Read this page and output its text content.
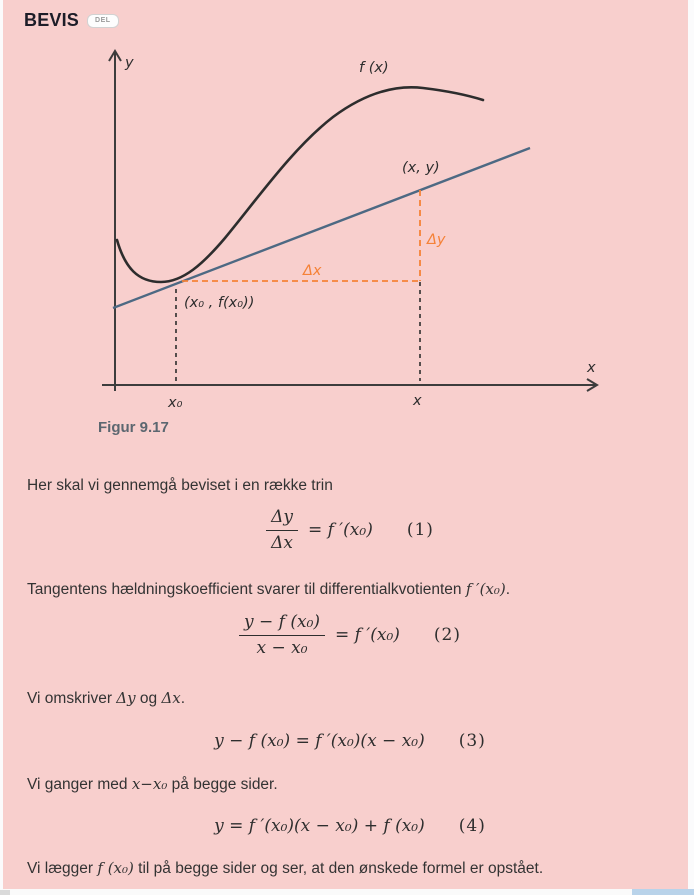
BEVIS	DEL
y
x
f (x)
(x, y)
(x₀ , f(x₀))
Δy
Δx
x₀	x
Figur 9.17
Her skal vi gennemgå beviset i en række trin
$\frac{\Delta y}{\Delta x} = f$ ′(x₀) (1)
Tangentens hældningskoefficient svarer til differentialkvotienten f ′(x₀).
$\frac{\text{y − f (x₀)}}{\text{x − x₀}} = f$ ′(x₀) (2)
Vi omskriver Δy og Δx.
y − f (x₀) = f ′(x₀)(x − x₀) (3)
Vi ganger med x−x₀ på begge sider.
y = f ′(x₀)(x − x₀) + f (x₀) (4)
Vi lægger f (x₀) til på begge sider og ser, at den ønskede formel er opstået.
